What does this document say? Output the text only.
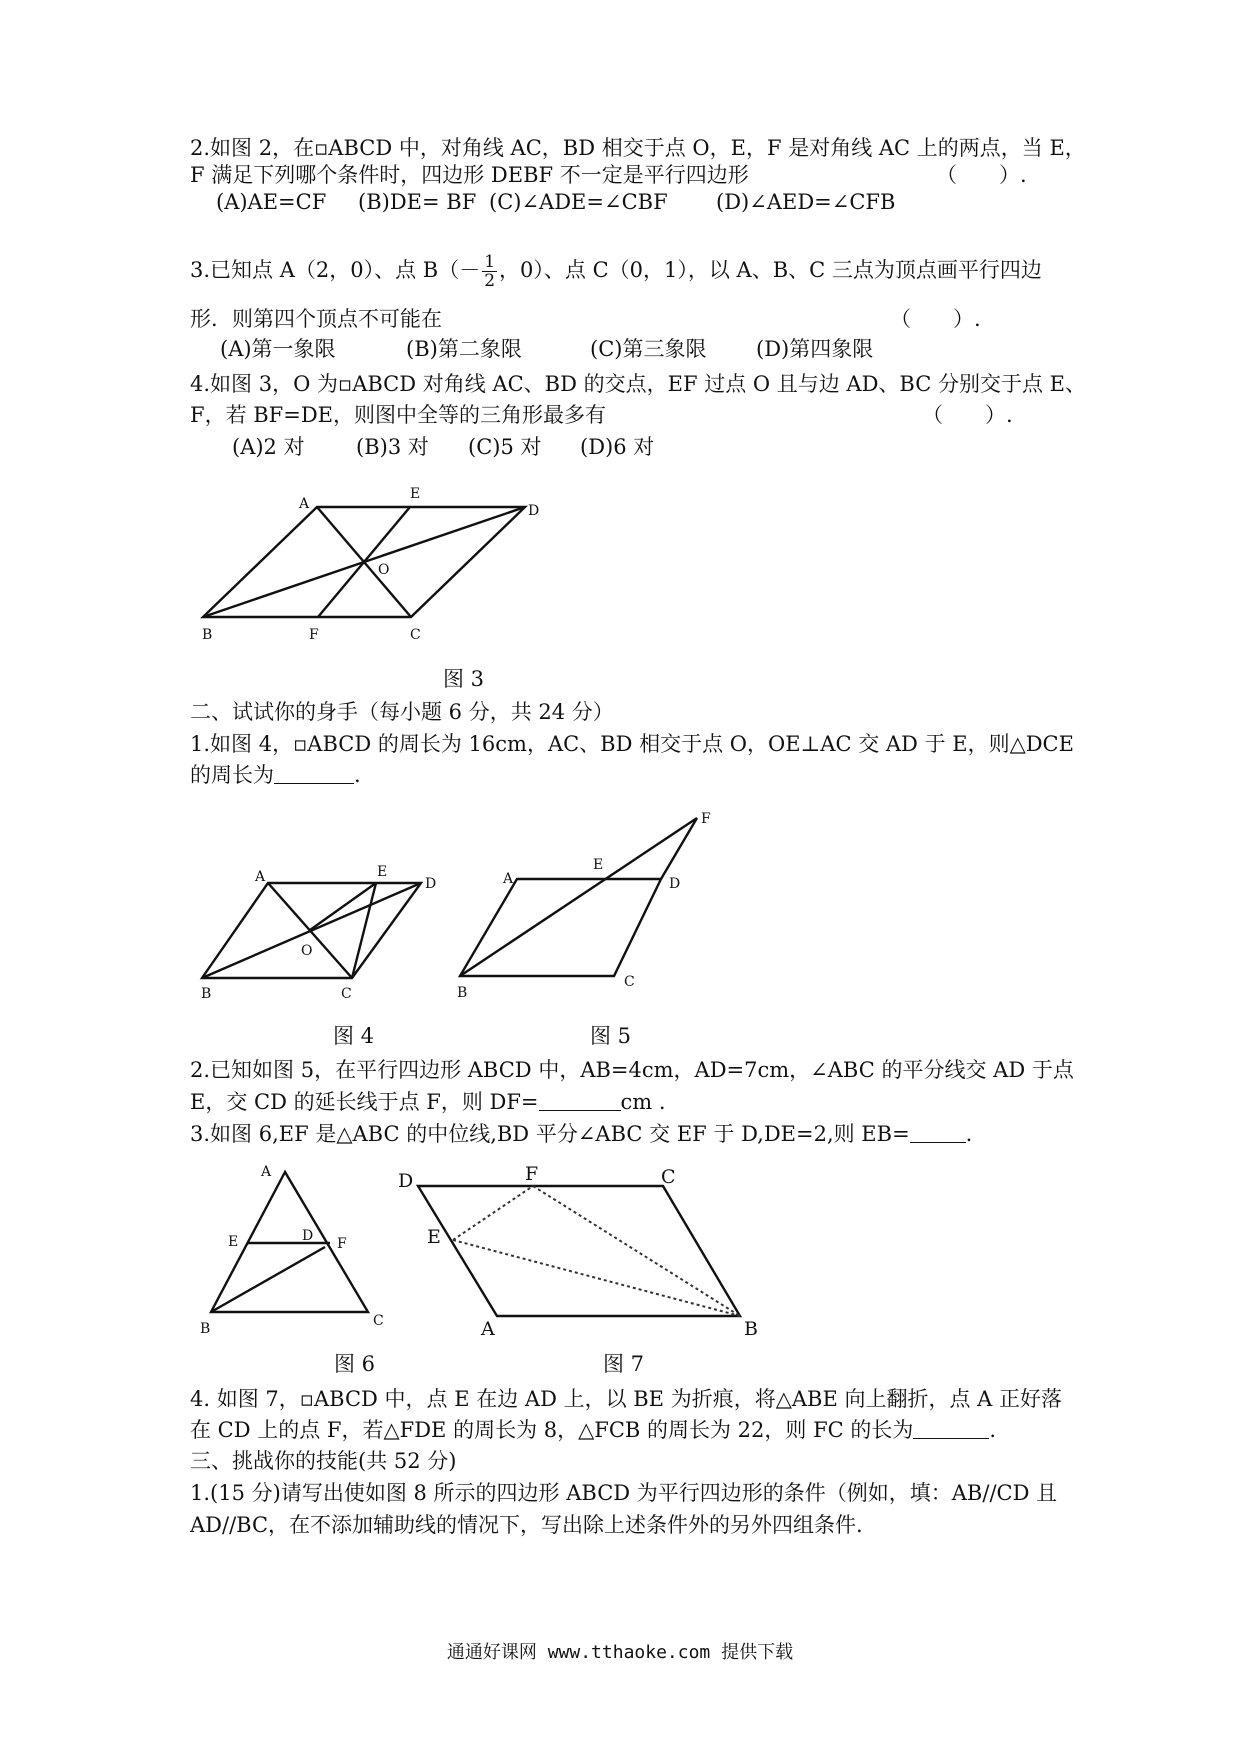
2.如图 2，在▫ABCD 中，对角线 AC，BD 相交于点 O，E，F 是对角线 AC 上的两点，当 E，
F 满足下列哪个条件时，四边形 DEBF 不一定是平行四边形	（　　）.
(A)AE=CF (B)DE= BF (C)∠ADE=∠CBF (D)∠AED=∠CFB
3.已知点 A（2，0）、点 $B(- \frac{1}{2}$ ，0）、点 C（0，1），以 A、B、C 三点为顶点画平行四边
形．则第四个顶点不可能在	（　　）.
(A)第一象限	(B)第二象限	(C)第三象限 (D)第四象限
4.如图 3，O 为▫ABCD 对角线 AC、BD 的交点，EF 过点 O 且与边 AD、BC 分别交于点 E、
F，若 BF=DE，则图中全等的三角形最多有	（　　）.
(A)2 对 (B)3 对 (C)5 对 (D)6 对
A
E
D
O
B	F	C
图 3
二、试试你的身手（每小题 6 分，共 24 分）
1.如图 4，▫ABCD 的周长为 16cm，AC、BD 相交于点 O，OE⊥AC 交 AD 于 E，则△DCE
的周长为	.
A	E
D
O
B	C
A
E
D
F
B
C
图 4	图 5
2.已知如图 5，在平行四边形 ABCD 中，AB=4cm，AD=7cm，∠ABC 的平分线交 AD 于点
E，交 CD 的延长线于点 F，则 DF=	cm .
3.如图 6,EF 是△ABC 的中位线,BD 平分∠ABC 交 EF 于 D,DE=2,则 EB=	.
A
E	D F
B	C
D	F	C
E
A	B
图 6	图 7
4. 如图 7，▫ABCD 中，点 E 在边 AD 上，以 BE 为折痕，将△ABE 向上翻折，点 A 正好落
在 CD 上的点 F，若△FDE 的周长为 8，△FCB 的周长为 22，则 FC 的长为	.
三、挑战你的技能(共 52 分)
1.(15 分)请写出使如图 8 所示的四边形 ABCD 为平行四边形的条件（例如，填：AB//CD 且
AD//BC，在不添加辅助线的情况下，写出除上述条件外的另外四组条件.
通通好课网 www.tthaoke.com 提供下载
